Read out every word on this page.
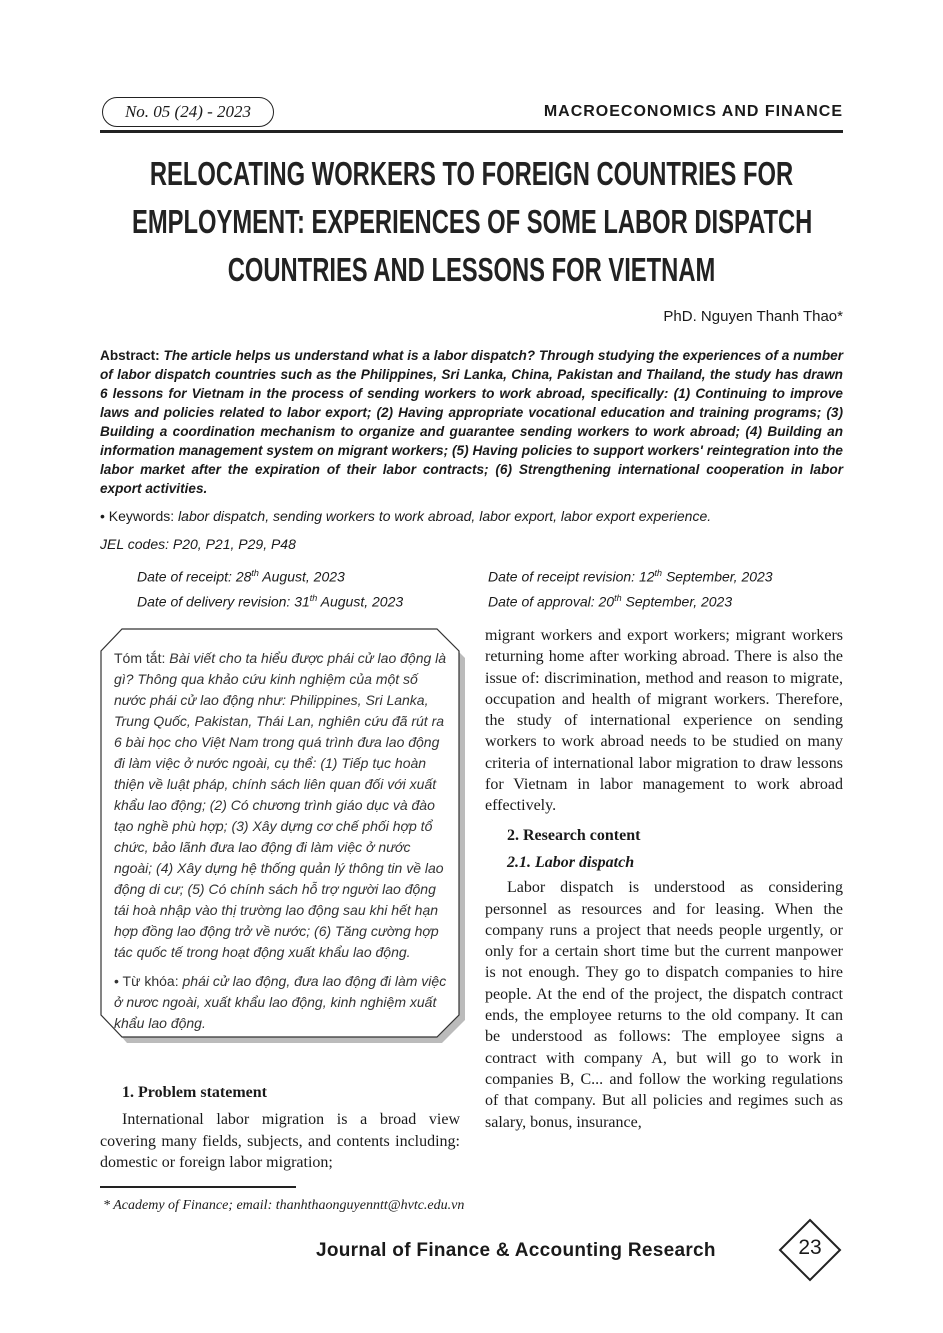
No. 05 (24) - 2023	MACROECONOMICS AND FINANCE
RELOCATING WORKERS TO FOREIGN COUNTRIES FOR
EMPLOYMENT: EXPERIENCES OF SOME LABOR DISPATCH
COUNTRIES AND LESSONS FOR VIETNAM
PhD. Nguyen Thanh Thao*
Abstract: The article helps us understand what is a labor dispatch? Through studying the experiences of a number of labor dispatch countries such as the Philippines, Sri Lanka, China, Pakistan and Thailand, the study has drawn 6 lessons for Vietnam in the process of sending workers to work abroad, specifically: (1) Continuing to improve laws and policies related to labor export; (2) Having appropriate vocational education and training programs; (3) Building a coordination mechanism to organize and guarantee sending workers to work abroad; (4) Building an information management system on migrant workers; (5) Having policies to support workers' reintegration into the labor market after the expiration of their labor contracts; (6) Strengthening international cooperation in labor export activities.
• Keywords: labor dispatch, sending workers to work abroad, labor export, labor export experience.
JEL codes: P20, P21, P29, P48
Date of receipt: 28th August, 2023	Date of receipt revision: 12th September, 2023
Date of delivery revision: 31th August, 2023	Date of approval: 20th September, 2023

Tóm tắt: Bài viết cho ta hiểu được phái cử lao động là gì? Thông qua khảo cứu kinh nghiệm của một số nước phái cử lao động như: Philippines, Sri Lanka, Trung Quốc, Pakistan, Thái Lan, nghiên cứu đã rút ra 6 bài học cho Việt Nam trong quá trình đưa lao động đi làm việc ở nước ngoài, cụ thể: (1) Tiếp tục hoàn thiện về luật pháp, chính sách liên quan đối với xuất khẩu lao động; (2) Có chương trình giáo dục và đào tạo nghề phù hợp; (3) Xây dựng cơ chế phối hợp tổ chức, bảo lãnh đưa lao động đi làm việc ở nước ngoài; (4) Xây dựng hệ thống quản lý thông tin về lao động di cư; (5) Có chính sách hỗ trợ người lao động tái hoà nhập vào thị trường lao động sau khi hết hạn hợp đồng lao động trở về nước; (6) Tăng cường hợp tác quốc tế trong hoạt động xuất khẩu lao động.

• Từ khóa: phái cử lao động, đưa lao động đi làm việc ở nươc ngoài, xuất khẩu lao động, kinh nghiệm xuất khẩu lao động.

1. Problem statement

International labor migration is a broad view covering many fields, subjects, and contents including: domestic or foreign labor migration;

migrant workers and export workers; migrant workers returning home after working abroad. There is also the issue of: discrimination, method and reason to migrate, occupation and health of migrant workers. Therefore, the study of international experience on sending workers to work abroad needs to be studied on many criteria of international labor migration to draw lessons for Vietnam in labor management to work abroad effectively.

2. Research content
2.1. Labor dispatch

Labor dispatch is understood as considering personnel as resources and for leasing. When the company runs a project that needs people urgently, or only for a certain short time but the current manpower is not enough. They go to dispatch companies to hire people. At the end of the project, the dispatch contract ends, the employee returns to the old company. It can be understood as follows: The employee signs a contract with company A, but will go to work in companies B, C... and follow the working regulations of that company. But all policies and regimes such as salary, bonus, insurance,

* Academy of Finance; email: thanhthaonguyenntt@hvtc.edu.vn
Journal of Finance & Accounting Research	23
